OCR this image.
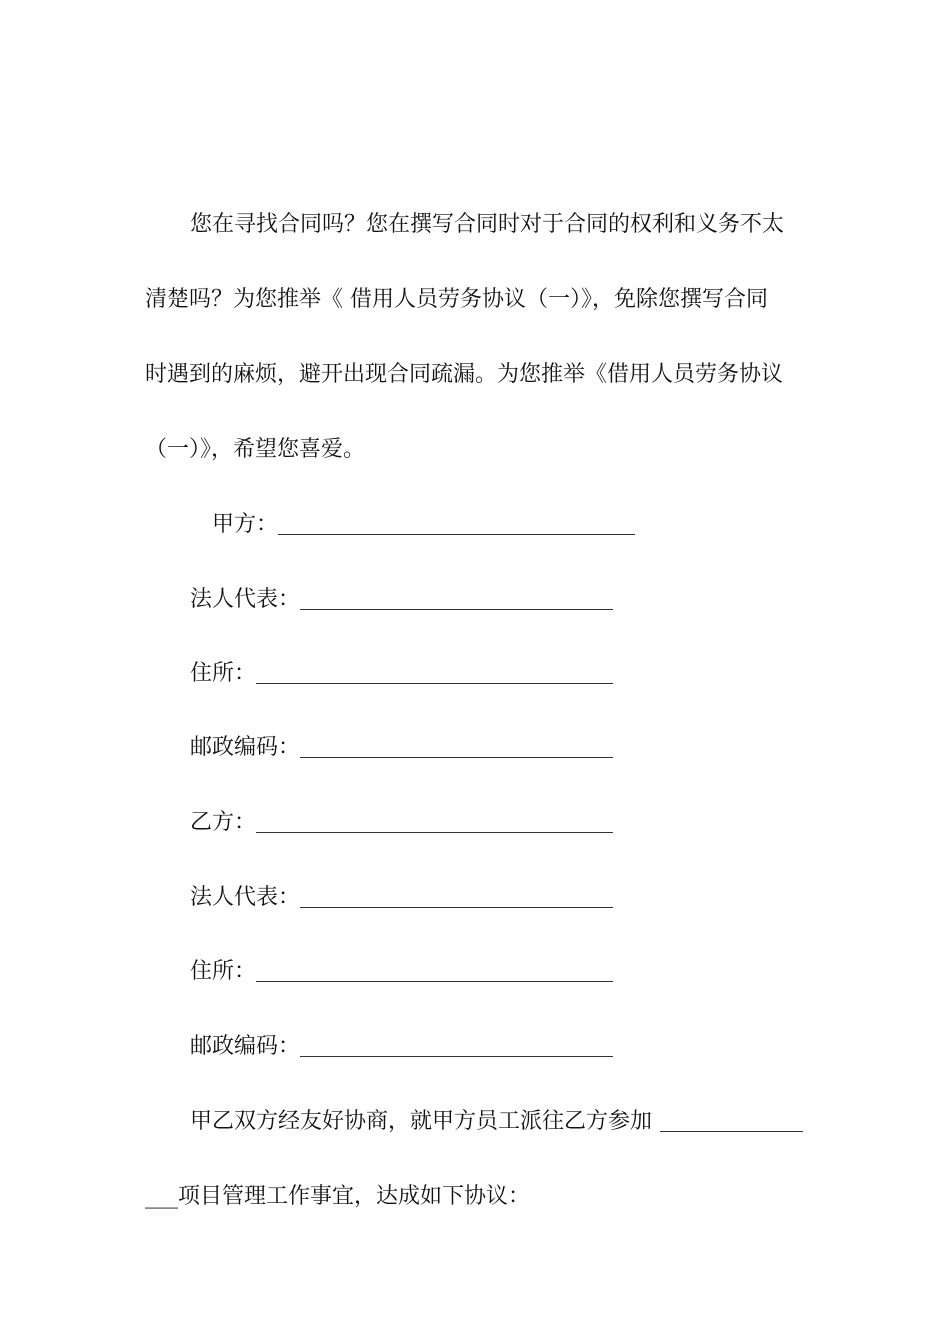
您在寻找合同吗？您在撰写合同时对于合同的权利和义务不太
清楚吗？为您推举《 借用人员劳务协议（一）》，免除您撰写合同
时遇到的麻烦，避开出现合同疏漏。为您推举《借用人员劳务协议
（一）》，希望您喜爱。
甲方：
法人代表：
住所：
邮政编码：
乙方：
法人代表：
住所：
邮政编码：
甲乙双方经友好协商，就甲方员工派往乙方参加
___项目管理工作事宜，达成如下协议：
